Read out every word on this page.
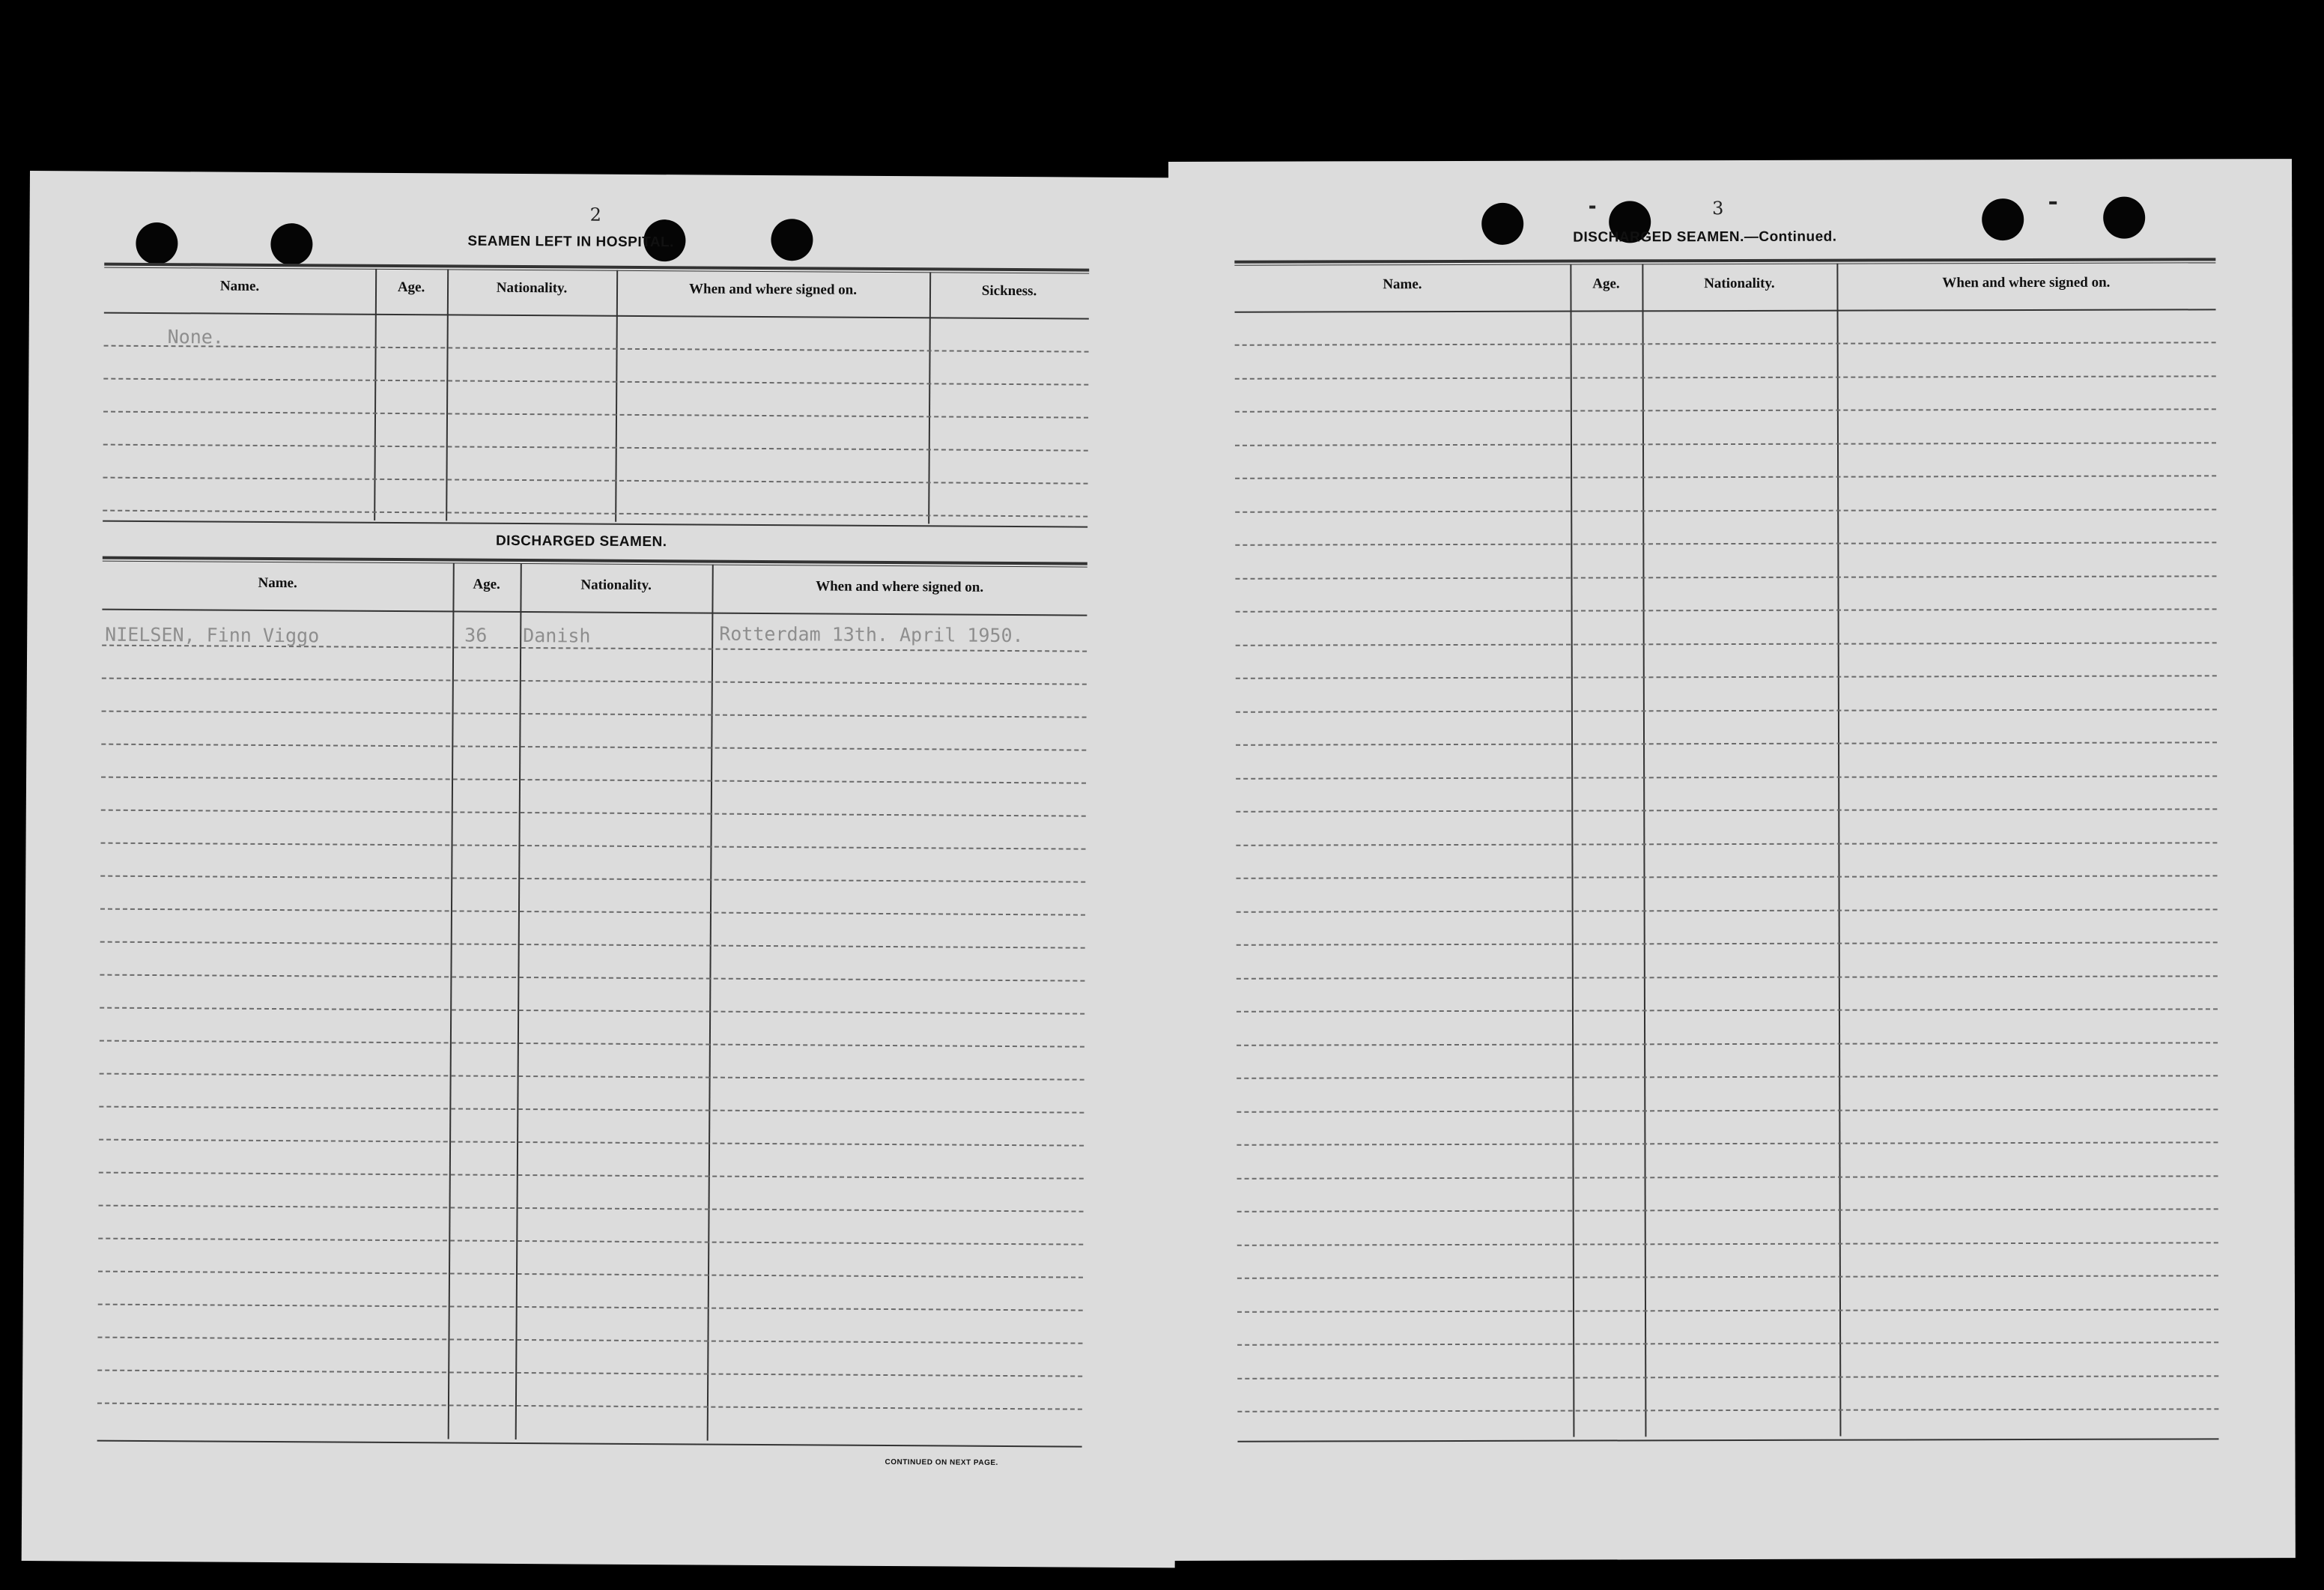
2
SEAMEN LEFT IN HOSPITAL.
Name.	Age.	Nationality.	When and where signed on.	Sickness.
None.
DISCHARGED SEAMEN.
Name.	Age.	Nationality.	When and where signed on.
NIELSEN, Finn Viggo	36 Danish	Rotterdam 13th. April 1950.
CONTINUED ON NEXT PAGE.
3
DISCHARGED SEAMEN.—Continued.
Name.	Age.	Nationality.	When and where signed on.
